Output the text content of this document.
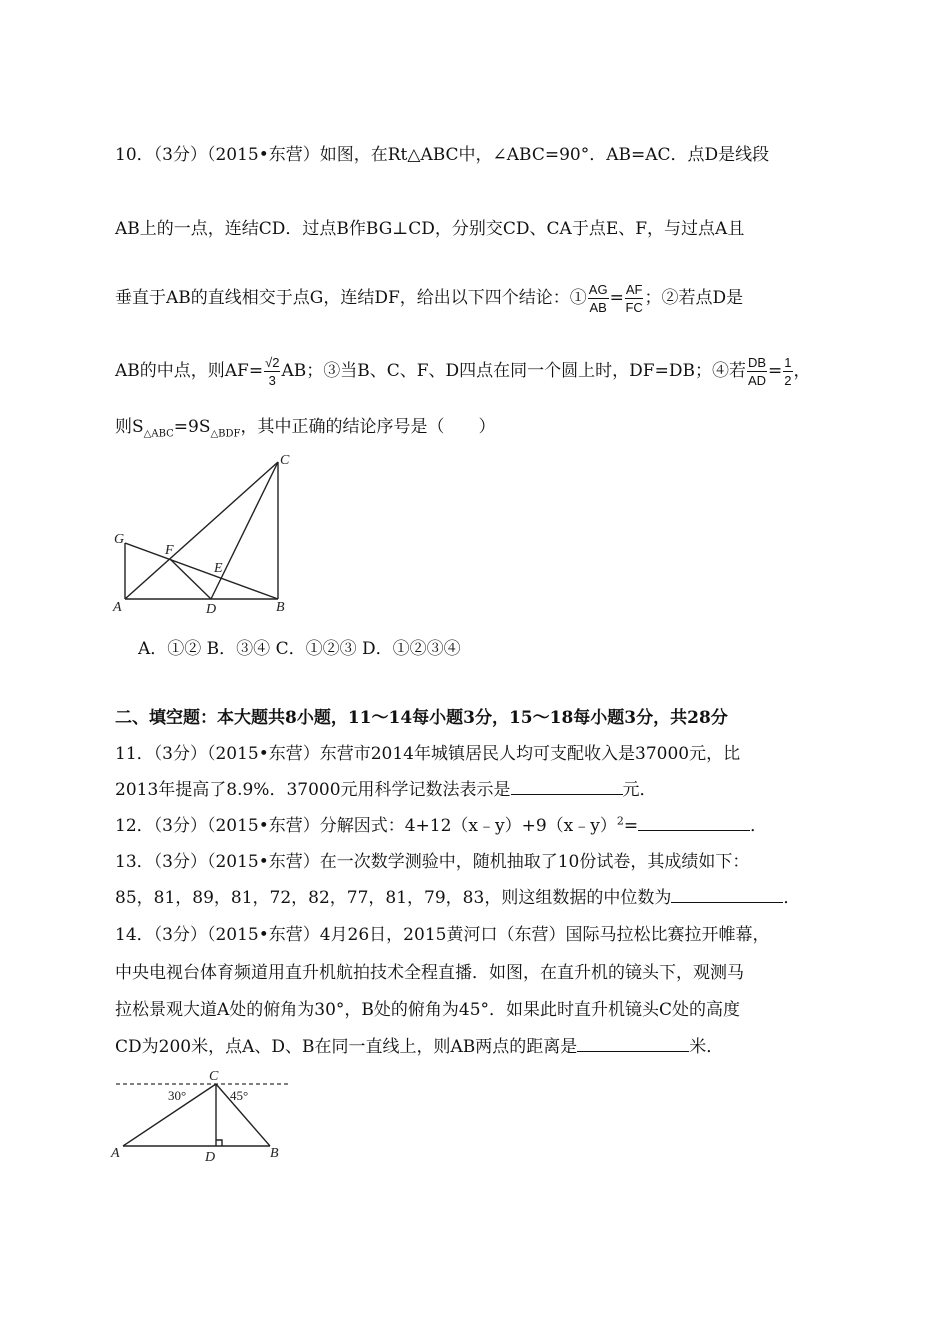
10．（3分）（2015•东营）如图，在Rt△ABC中，∠ABC=90°．AB=AC．点D是线段
AB上的一点，连结CD．过点B作BG⊥CD，分别交CD、CA于点E、F，与过点A且
垂直于AB的直线相交于点G，连结DF，给出以下四个结论：① $\frac{AG}{AB} = \frac{AF}{FC}$ ；②若点D是
AB的中点，则$AF= \frac{√2}{3}$ AB；③当B、C、F、D四点在同一个圆上时，DF=DB；④若 $\frac{DB}{AD} = \frac{1}{2}$ ，
则$S_{\triangle ABC}=9S_{\triangle BDF}$，其中正确的结论序号是（　　）
C
G
F
E
A	D	B
A．①② B．③④ C．①②③ D．①②③④
二、填空题：本大题共8小题，11～14每小题3分，15～18每小题3分，共28分
11．（3分）（2015•东营）东营市2014年城镇居民人均可支配收入是37000元，比
2013年提高了8.9%．37000元用科学记数法表示是	元．
12．（3分）（2015•东营）分解因式：4+12（x﹣y）+9（x﹣y）$^2$=	．
13．（3分）（2015•东营）在一次数学测验中，随机抽取了10份试卷，其成绩如下：
85，81，89，81，72，82，77，81，79，83，则这组数据的中位数为	．
14．（3分）（2015•东营）4月26日，2015黄河口（东营）国际马拉松比赛拉开帷幕，
中央电视台体育频道用直升机航拍技术全程直播．如图，在直升机的镜头下，观测马
拉松景观大道A处的俯角为30°，B处的俯角为45°．如果此时直升机镜头C处的高度
CD为200米，点A、D、B在同一直线上，则AB两点的距离是	米．
C
30°	45°
A	D	B
